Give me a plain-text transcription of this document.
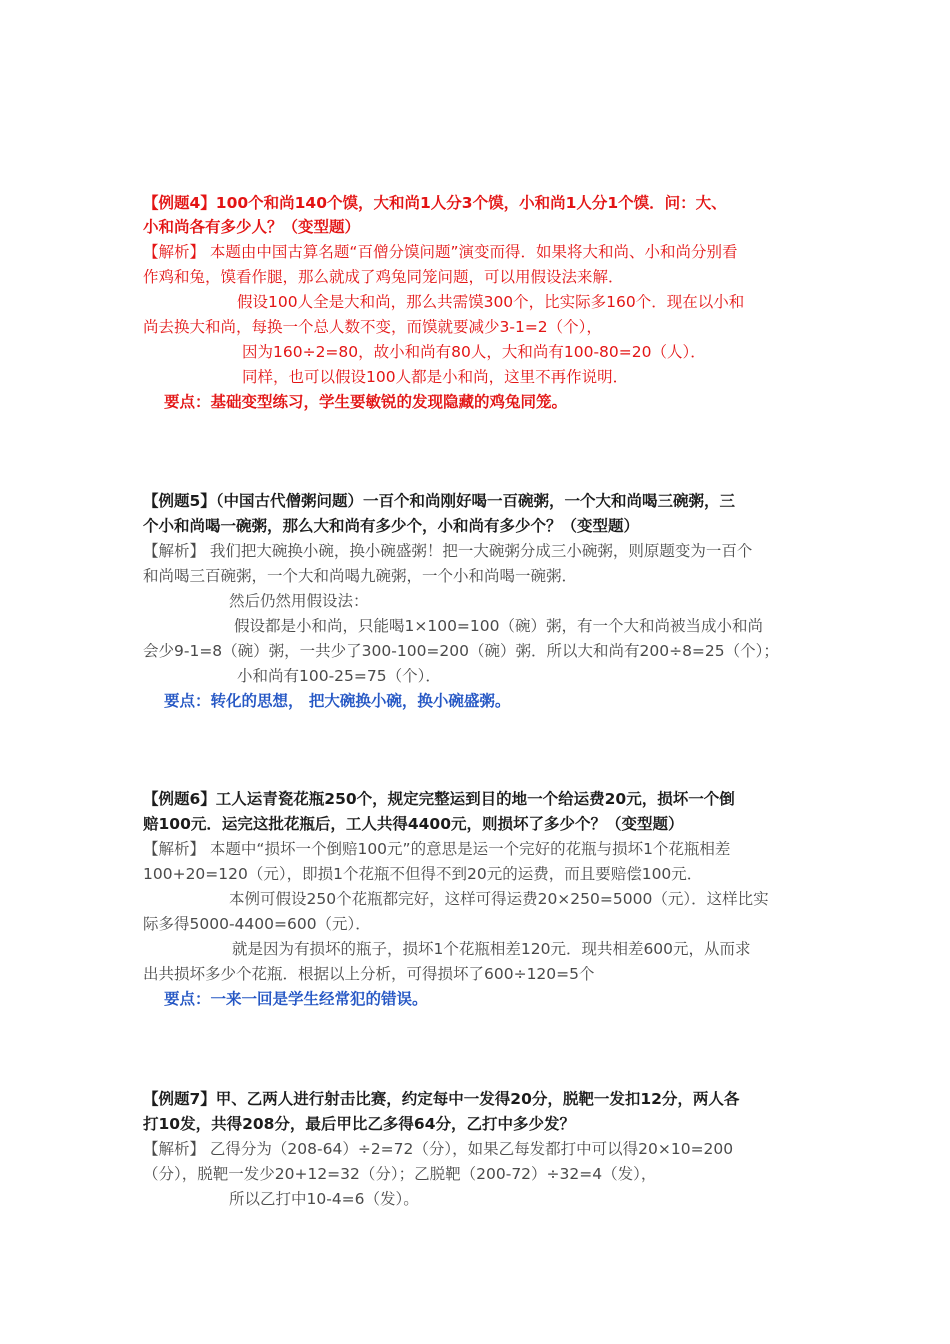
【例题4】100个和尚140个馍，大和尚1人分3个馍，小和尚1人分1个馍．问：大、
小和尚各有多少人？（变型题）
【解析】 本题由中国古算名题“百僧分馍问题”演变而得．如果将大和尚、小和尚分别看
作鸡和兔，馍看作腿，那么就成了鸡兔同笼问题，可以用假设法来解．
假设100人全是大和尚，那么共需馍300个，比实际多160个．现在以小和
尚去换大和尚，每换一个总人数不变，而馍就要减少3-1=2（个），
因为160÷2=80，故小和尚有80人，大和尚有100-80=20（人）．
同样，也可以假设100人都是小和尚，这里不再作说明．
要点：基础变型练习，学生要敏锐的发现隐藏的鸡兔同笼。
【例题5】（中国古代僧粥问题）一百个和尚刚好喝一百碗粥，一个大和尚喝三碗粥，三
个小和尚喝一碗粥，那么大和尚有多少个，小和尚有多少个？（变型题）
【解析】 我们把大碗换小碗，换小碗盛粥！把一大碗粥分成三小碗粥，则原题变为一百个
和尚喝三百碗粥，一个大和尚喝九碗粥，一个小和尚喝一碗粥．
然后仍然用假设法：
假设都是小和尚，只能喝1×100=100（碗）粥，有一个大和尚被当成小和尚
会少9-1=8（碗）粥，一共少了300-100=200（碗）粥．所以大和尚有200÷8=25（个）；
小和尚有100-25=75（个）．
要点：转化的思想， 把大碗换小碗，换小碗盛粥。
【例题6】工人运青瓷花瓶250个，规定完整运到目的地一个给运费20元，损坏一个倒
赔100元．运完这批花瓶后，工人共得4400元，则损坏了多少个？（变型题）
【解析】 本题中“损坏一个倒赔100元”的意思是运一个完好的花瓶与损坏1个花瓶相差
100+20=120（元），即损1个花瓶不但得不到20元的运费，而且要赔偿100元．
本例可假设250个花瓶都完好，这样可得运费20×250=5000（元）．这样比实
际多得5000-4400=600（元）．
就是因为有损坏的瓶子，损坏1个花瓶相差120元．现共相差600元，从而求
出共损坏多少个花瓶．根据以上分析，可得损坏了600÷120=5个
要点：一来一回是学生经常犯的错误。
【例题7】甲、乙两人进行射击比赛，约定每中一发得20分，脱靶一发扣12分，两人各
打10发，共得208分，最后甲比乙多得64分，乙打中多少发？
【解析】 乙得分为（208-64）÷2=72（分），如果乙每发都打中可以得20×10=200
（分），脱靶一发少20+12=32（分）；乙脱靶（200-72）÷32=4（发），
所以乙打中10-4=6（发）。
